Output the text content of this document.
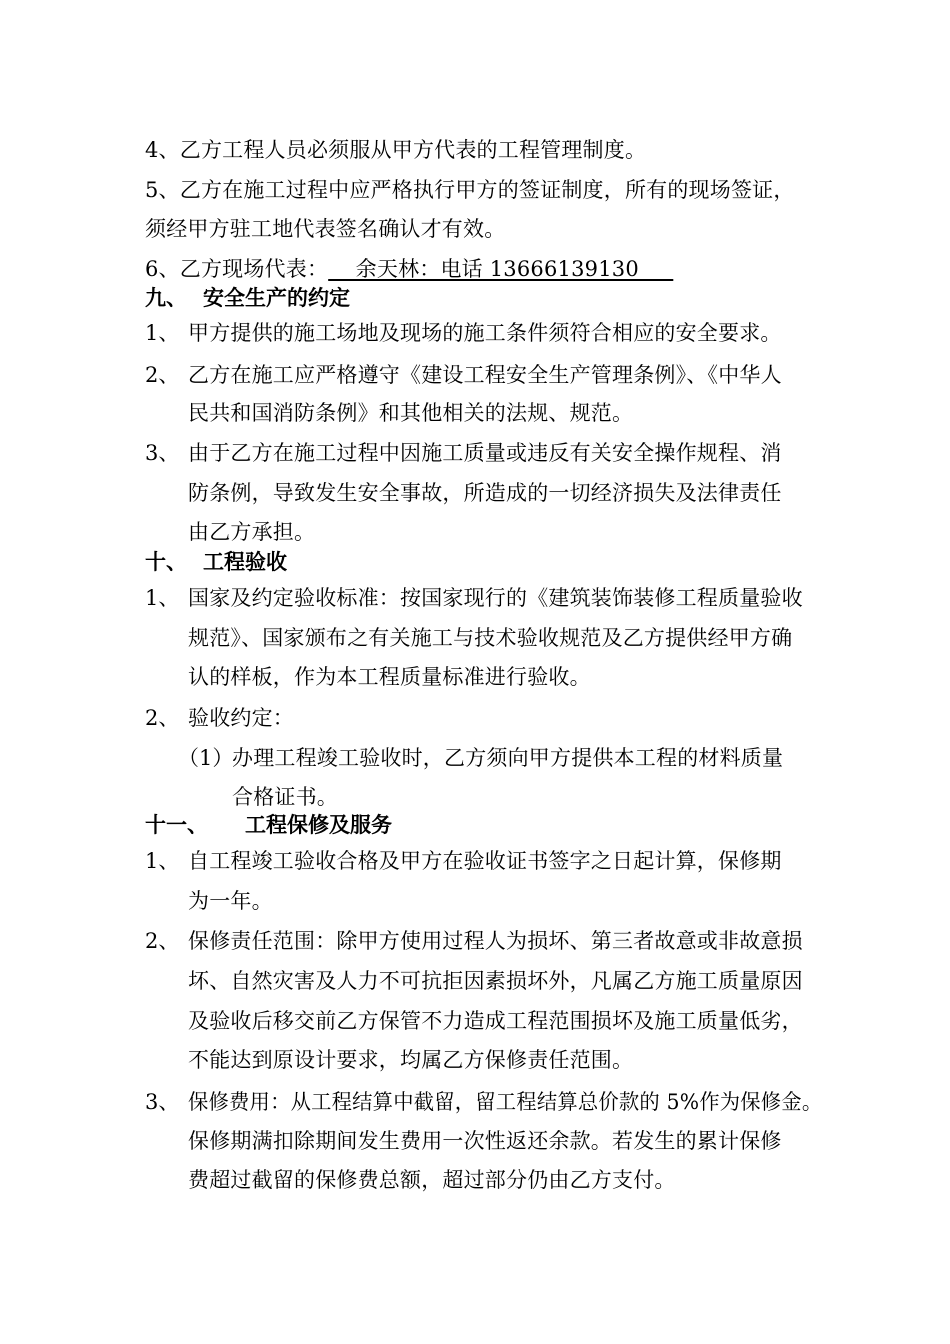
4、乙方工程人员必须服从甲方代表的工程管理制度。
5、乙方在施工过程中应严格执行甲方的签证制度，所有的现场签证，
须经甲方驻工地代表签名确认才有效。
6、乙方现场代表：    余天林：电话 13666139130
九、 安全生产的约定
1、 甲方提供的施工场地及现场的施工条件须符合相应的安全要求。
2、 乙方在施工应严格遵守《建设工程安全生产管理条例》、《中华人
民共和国消防条例》和其他相关的法规、规范。
3、 由于乙方在施工过程中因施工质量或违反有关安全操作规程、消
防条例，导致发生安全事故，所造成的一切经济损失及法律责任
由乙方承担。
十、 工程验收
1、 国家及约定验收标准：按国家现行的《建筑装饰装修工程质量验收
规范》、国家颁布之有关施工与技术验收规范及乙方提供经甲方确
认的样板，作为本工程质量标准进行验收。
2、 验收约定：
（1）
办理工程竣工验收时，乙方须向甲方提供本工程的材料质量
合格证书。
十一、 工程保修及服务
1、 自工程竣工验收合格及甲方在验收证书签字之日起计算，保修期
为一年。
2、 保修责任范围：除甲方使用过程人为损坏、第三者故意或非故意损
坏、自然灾害及人力不可抗拒因素损坏外，凡属乙方施工质量原因
及验收后移交前乙方保管不力造成工程范围损坏及施工质量低劣，
不能达到原设计要求，均属乙方保修责任范围。
3、 保修费用：从工程结算中截留，留工程结算总价款的 5%作为保修金。
保修期满扣除期间发生费用一次性返还余款。若发生的累计保修
费超过截留的保修费总额，超过部分仍由乙方支付。
